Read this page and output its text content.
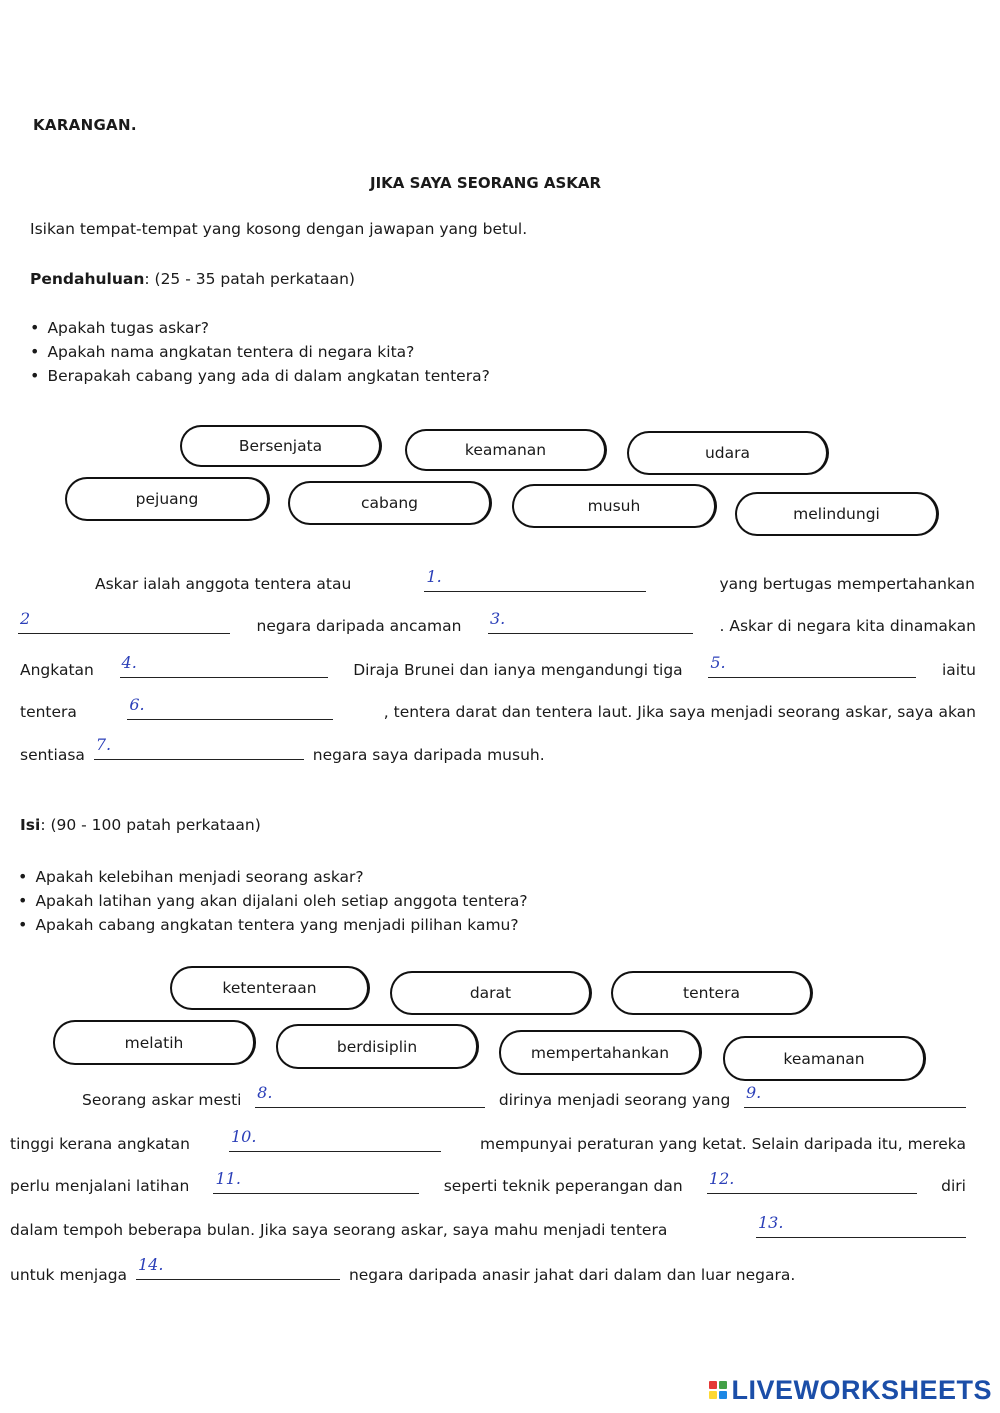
KARANGAN.
JIKA SAYA SEORANG ASKAR
Isikan tempat-tempat yang kosong dengan jawapan yang betul.
Pendahuluan: (25 - 35 patah perkataan)
• Apakah tugas askar?
• Apakah nama angkatan tentera di negara kita?
• Berapakah cabang yang ada di dalam angkatan tentera?
Bersenjata	keamanan	udara
pejuang	cabang	musuh	melindungi
Askar ialah anggota tentera atau	1.	yang bertugas mempertahankan
2	negara daripada ancaman 3.	. Askar di negara kita dinamakan
Angkatan 4.	Diraja Brunei dan ianya mengandungi tiga 5.	iaitu
tentera	6.	, tentera darat dan tentera laut. Jika saya menjadi seorang askar, saya akan
sentiasa
7.
negara saya daripada musuh.
Isi: (90 - 100 patah perkataan)
• Apakah kelebihan menjadi seorang askar?
• Apakah latihan yang akan dijalani oleh setiap anggota tentera?
• Apakah cabang angkatan tentera yang menjadi pilihan kamu?
ketenteraan	darat	tentera
melatih	berdisiplin	mempertahankan	keamanan
Seorang askar mesti 8.	dirinya menjadi seorang yang 9.
tinggi kerana angkatan	10.	mempunyai peraturan yang ketat. Selain daripada itu, mereka
perlu menjalani latihan 11.	seperti teknik peperangan dan 12.	diri
dalam tempoh beberapa bulan. Jika saya seorang askar, saya mahu menjadi tentera	13.
untuk menjaga
14.
negara daripada anasir jahat dari dalam dan luar negara.
LIVEWORKSHEETS
